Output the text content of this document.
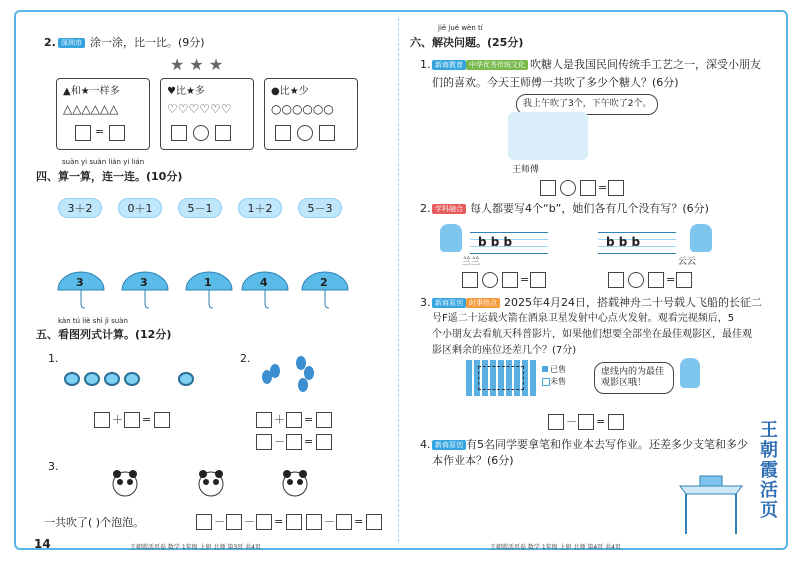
2. 深圳市 涂一涂，比一比。(9分)
★ ★ ★
▲和★一样多
△△△△△△
=
♥比★多
♡♡♡♡♡♡
●比★少
○○○○○○
suàn yi suàn lián yi lián
四、算一算，连一连。(10分)
3＋2	0＋1	5－1	1＋2	5－3
3	3	1	4	2
kàn tú liè shì jì suàn
五、看图列式计算。(12分)
1.
＋ =
2.
＋ =
－ =
3.
一共吹了( )个泡泡。	－ － =	－ =
14	王朝霞活页卷 数学 1年级 上册 北师 第3页 共4页
jiě jué wèn tí
六、解决问题。(25分)
1. 新商教育 中华优秀传统文化 吹糖人是我国民间传统手工艺之一，深受小朋友
们的喜欢。今天王师傅一共吹了多少个糖人？(6分)
我上午吹了3个，下午吹了2个。
王师傅
=
2. 学科融合 每人都要写4个“b”，她们各有几个没有写？(6分)
b b b
兰兰
=
b b b
云云
=
3. 新商原创 时事热点 2025年4月24日，搭载神舟二十号载人飞船的长征二
号F遥二十运载火箭在酒泉卫星发射中心点火发射。观看完视频后，5
个小朋友去看航天科普影片，如果他们想要全部坐在最佳观影区，最佳观
影区剩余的座位还差几个？(7分)
已售
未售
虚线内的为最佳观影区哦！
－ =
4. 新商原创 有5名同学要拿笔和作业本去写作业。还差多少支笔和多少
本作业本？(6分)
王朝霞活页
王朝霞活页卷 数学 1年级 上册 北师 第4页 共4页
